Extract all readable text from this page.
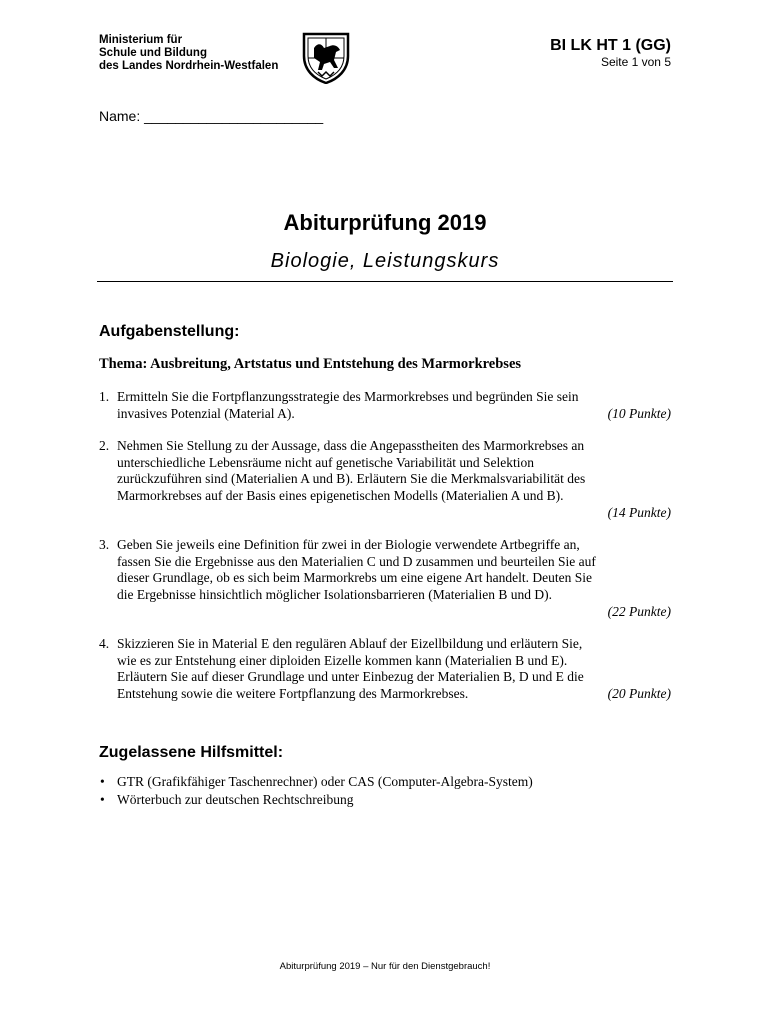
Ministerium für
Schule und Bildung
des Landes Nordrhein-Westfalen
BI LK HT 1 (GG)
Seite 1 von 5
Name: _______________________
Abiturprüfung 2019
Biologie, Leistungskurs
Aufgabenstellung:
Thema: Ausbreitung, Artstatus und Entstehung des Marmorkrebses
1. Ermitteln Sie die Fortpflanzungsstrategie des Marmorkrebses und begründen Sie sein
(10 Punkte)
invasives Potenzial (Material A).
2. Nehmen Sie Stellung zu der Aussage, dass die Angepasstheiten des Marmorkrebses an
unterschiedliche Lebensräume nicht auf genetische Variabilität und Selektion
zurückzuführen sind (Materialien A und B). Erläutern Sie die Merkmalsvariabilität des
Marmorkrebses auf der Basis eines epigenetischen Modells (Materialien A und B).
(14 Punkte)
3. Geben Sie jeweils eine Definition für zwei in der Biologie verwendete Artbegriffe an,
fassen Sie die Ergebnisse aus den Materialien C und D zusammen und beurteilen Sie auf
dieser Grundlage, ob es sich beim Marmorkrebs um eine eigene Art handelt. Deuten Sie
die Ergebnisse hinsichtlich möglicher Isolationsbarrieren (Materialien B und D).
(22 Punkte)
4. Skizzieren Sie in Material E den regulären Ablauf der Eizellbildung und erläutern Sie,
wie es zur Entstehung einer diploiden Eizelle kommen kann (Materialien B und E).
Erläutern Sie auf dieser Grundlage und unter Einbezug der Materialien B, D und E die
(20 Punkte)
Entstehung sowie die weitere Fortpflanzung des Marmorkrebses.
Zugelassene Hilfsmittel:
• GTR (Grafikfähiger Taschenrechner) oder CAS (Computer-Algebra-System)
• Wörterbuch zur deutschen Rechtschreibung
Abiturprüfung 2019 – Nur für den Dienstgebrauch!
